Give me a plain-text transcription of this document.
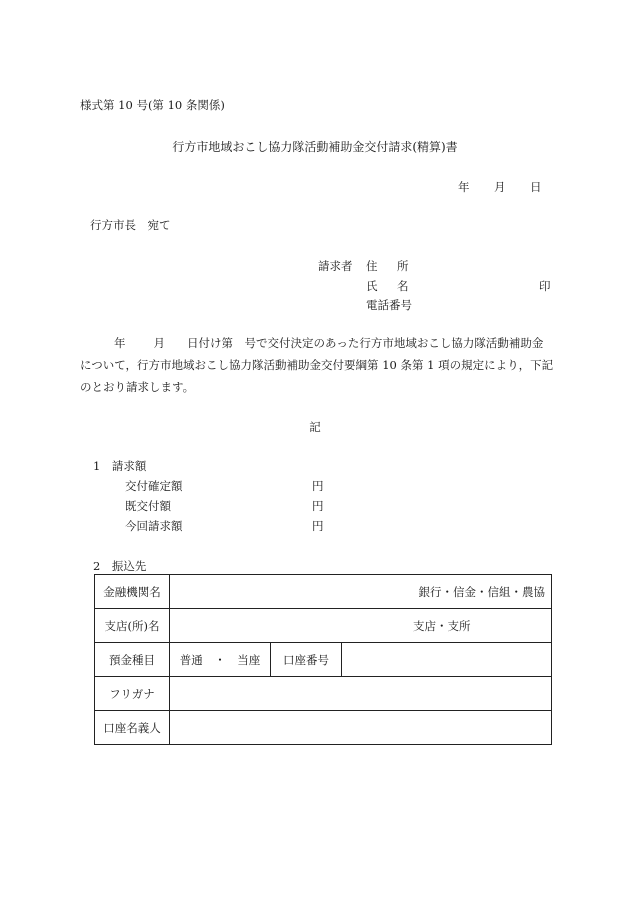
様式第 10 号(第 10 条関係)
行方市地域おこし協力隊活動補助金交付請求(精算)書
年 月 日
行方市長　宛て
請求者 住 所
氏 名	印
電話番号
年 月 日付け第　号で交付決定のあった行方市地域おこし協力隊活動補助金
について，行方市地域おこし協力隊活動補助金交付要綱第 10 条第 1 項の規定により，下記
のとおり請求します。
記
1　請求額
交付確定額	円
既交付額	円
今回請求額	円
2　振込先
金融機関名	銀行・信金・信組・農協		
支店(所)名	支店・支所		
預金種目	普通　・　当座	口座番号	
フリガナ			
口座名義人			
